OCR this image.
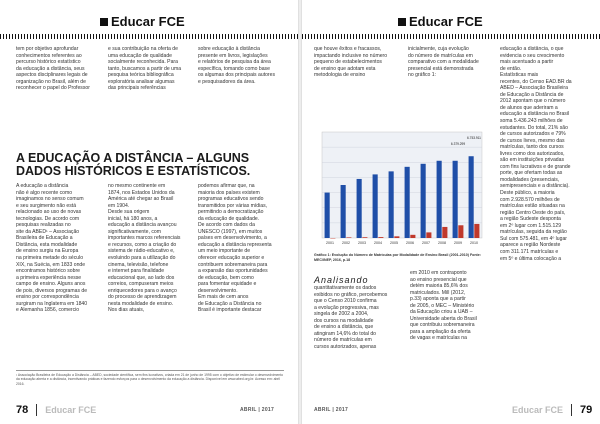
Educar FCE
tem por objetivo aprofundar
conhecimentos referentes ao
percurso histórico estatístico
da educação a distância, seus
aspectos disciplinares legais de
organização no Brasil, além de
reconhecer o papel do Professor
e sua contribuição na oferta de
uma educação de qualidade
socialmente reconhecida. Para
tanto, buscamos a partir de uma
pesquisa teórica bibliográfica
exploratória analisar algumas
das principais referências
sobre educação à distância
presente em livros, legislações
e relatórios de pesquisa da área
específica, tomando como base
os algumas dos principais autores
e pesquisadores da área.
A EDUCAÇÃO A DISTÂNCIA – ALGUNS DADOS HISTÓRICOS E ESTATÍSTICOS.
A educação a distância
não é algo recente como
imaginamos no senso comum
e seu surgimento não está
relacionado ao uso de novas
tecnologias. De acordo com
pesquisas realizadas no
site da ABED¹ – Associação
Brasileira de Educação a
Distância, esta modalidade
de ensino surgiu na Europa
na primeira metade do século
XIX, na Suécia, em 1833 onde
encontramos histórico sobre
a primeira experiência nesse
campo de ensino. Alguns anos
de pois, diversos programas de
ensino por correspondência
surgiram na Inglaterra em 1840
e Alemanha 1856, comercio
no mesmo continente em
1874, nos Estados Unidos da
América até chegar ao Brasil
em 1904.
Desde sua origem
inicial, há 180 anos, a
educação a distância avançou
significativamente, com
importantes marcos referenciais
e recursos, como a criação do
sistema de rádio-educativo e,
evoluindo para a utilização do
cinema, televisão, telefone
e internet para finalidade
educacional que, ao lado dos
correios, compuseram meios
enriquecedores para o avanço
do processo de aprendizagem
nesta modalidade de ensino.
Nos dias atuais,
podemos afirmar que, na
maioria dos países existem
programas educativos sendo
transmitidos por várias mídias,
permitindo a democratização
da educação de qualidade.
De acordo com dados da
UNESCO (1997), em muitos
países em desenvolvimento, a
educação a distância representa
um meio importante de
oferecer educação superior e
contribuem sobremaneira para
a expansão das oportunidades
de educação, bem como
para fomentar equidade e
desenvolvimento.
Em mais de cem anos
de Educação a Distância no
Brasil é importante destacar
¹ Associação Brasileira de Educação a Distância – ABED, sociedade científica, sem fins lucrativos, criada em 21 de junho de 1995 com o objetivo de estimular o desenvolvimento da educação aberta e a distância, incentivando práticas e fazendo esforços para o desenvolvimento da educação a distância. Disponível em www.abed.org.br. Acesso em: abril 2016.
78 Educar FCE	ABRIL | 2017
Educar FCE
que houve êxitos e fracassos,
impactando inclusive no número
pequeno de estabelecimentos
de ensino que adotam esta
metodologia de ensino
inicialmente, cuja evolução
do número de matrículas em
comparativo com a modalidade
presencial está demonstrada
no gráfico 1:
educação a distância, o que
evidencia o seu crescimento
mais acentuado a partir
de então.
Estatísticas mais
recentes, do Censo EAD.BR da
ABED – Associação Brasileira
de Educação a Distância de
2012 apontam que o número
de alunos que aderiram a
educação a distância no Brasil
soma 5.436.243 milhões de
estudantes. Do total, 21% são
de cursos autorizados e 79%
de cursos livres, mesmo das
matrículas, tanto dos cursos
livres como dos autorizados,
são em instituições privadas
com fins lucrativos e de grande
porte, que ofertam todas as
modalidades (presenciais,
semipresenciais e a distância).
Deste público, a maioria
com 2.928.570 milhões de
matrículas estão situadas na
região Centro Oeste do país,
a região Sudeste desponta
em 2º lugar com 1.515.129
matrículas, seguida da região
Sul com 575.481, em 4º lugar
aparece a região Nordeste
com 311.171 matrículas e
em 5º e última colocação a
2001 2002 2003 2004 2005 2006 2007 2008 2009 2010
6.379.299
6.753.911
Gráfico 1: Evolução do Número de Matrículas por Modalidade de Ensino Brasil (2001-2010) Fonte: MEC/INEP, 2016, p.18

Analisando
quantitativamente os dados
exibidos no gráfico, percebemos
que o Censo 2010 confirma
a evolução progressiva, mas
singela de 2002 a 2004,
dos cursos na modalidade
de ensino a distância, que
atingiram 14,6% do total do
número de matrículas em
cursos autorizados, apenas

em 2010 em contraponto
ao ensino presencial que
detém maioria 85,6% dos
matriculados. Mill (2012,
p.33) aponta que a partir
de 2005, o MEC – Ministério
da Educação criou a UAB –
Universidade aberta do Brasil
que contribuiu sobremaneira
para a ampliação da oferta
de vagas e matrículas na
ABRIL | 2017	Educar FCE 79
